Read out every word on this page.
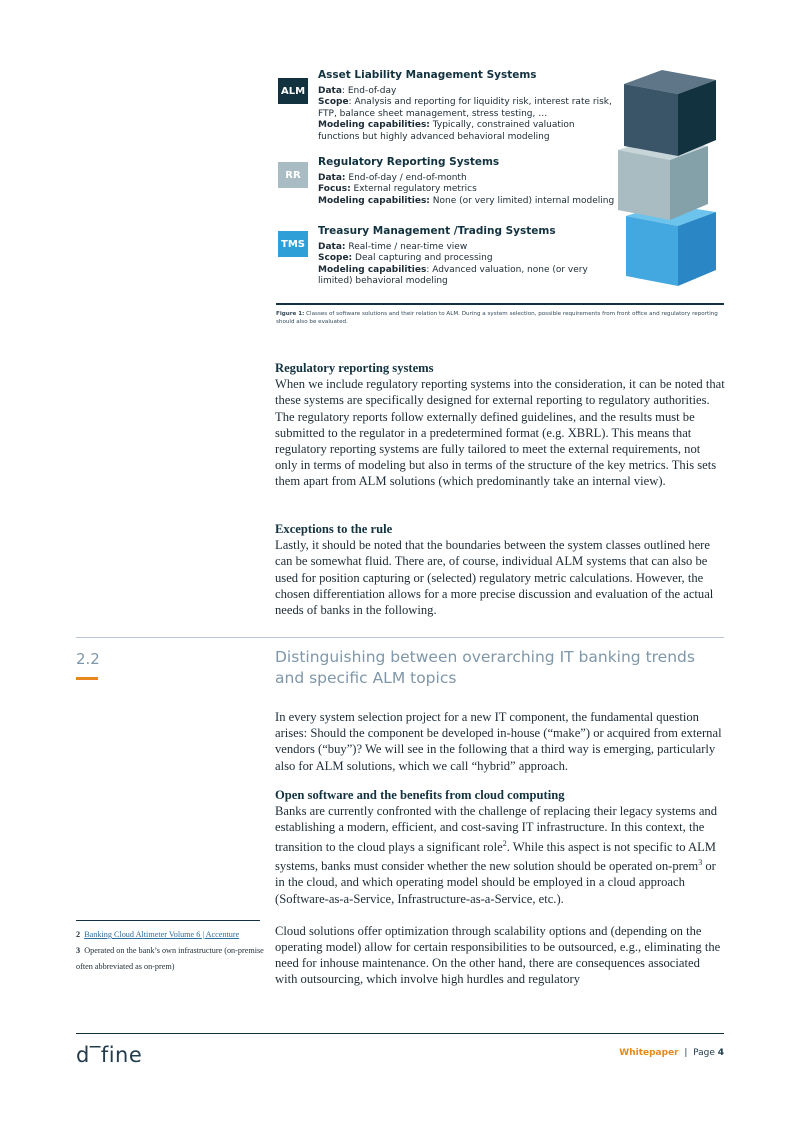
ALM
Asset Liability Management Systems
Data: End-of-day
Scope: Analysis and reporting for liquidity risk, interest rate risk, FTP, balance sheet management, stress testing, …
Modeling capabilities: Typically, constrained valuation functions but highly advanced behavioral modeling
RR
Regulatory Reporting Systems
Data: End-of-day / end-of-month
Focus: External regulatory metrics
Modeling capabilities: None (or very limited) internal modeling
TMS
Treasury Management /Trading Systems
Data: Real-time / near-time view
Scope: Deal capturing and processing
Modeling capabilities: Advanced valuation, none (or very limited) behavioral modeling
Figure 1: Classes of software solutions and their relation to ALM. During a system selection, possible requirements from front office and regulatory reporting should also be evaluated.
Regulatory reporting systems

When we include regulatory reporting systems into the consideration, it can be noted that these systems are specifically designed for external reporting to regulatory authorities. The regulatory reports follow externally defined guidelines, and the results must be submitted to the regulator in a predetermined format (e.g. XBRL). This means that regulatory reporting systems are fully tailored to meet the external requirements, not only in terms of modeling but also in terms of the structure of the key metrics. This sets them apart from ALM solutions (which predominantly take an internal view).

Exceptions to the rule

Lastly, it should be noted that the boundaries between the system classes outlined here can be somewhat fluid. There are, of course, individual ALM systems that can also be used for position capturing or (selected) regulatory metric calculations. However, the chosen differentiation allows for a more precise discussion and evaluation of the actual needs of banks in the following.

2.2	Distinguishing between overarching IT banking trends and specific ALM topics

In every system selection project for a new IT component, the fundamental question arises: Should the component be developed in-house (“make”) or acquired from external vendors (“buy”)? We will see in the following that a third way is emerging, particularly also for ALM solutions, which we call “hybrid” approach.

Open software and the benefits from cloud computing

Banks are currently confronted with the challenge of replacing their legacy systems and establishing a modern, efficient, and cost-saving IT infrastructure. In this context, the transition to the cloud plays a significant role$^2$. While this aspect is not specific to ALM systems, banks must consider whether the new solution should be operated on-prem$^3$ or in the cloud, and which operating model should be employed in a cloud approach (Software-as-a-Service, Infrastructure-as-a-Service, etc.).

Cloud solutions offer optimization through scalability options and (depending on the operating model) allow for certain responsibilities to be outsourced, e.g., eliminating the need for inhouse maintenance. On the other hand, there are consequences associated with outsourcing, which involve high hurdles and regulatory

2 Banking Cloud Altimeter Volume 6 | Accenture
3 Operated on the bank’s own infrastructure (on-premise often abbreviated as on-prem)
d‾fine	Whitepaper  |  Page 4
